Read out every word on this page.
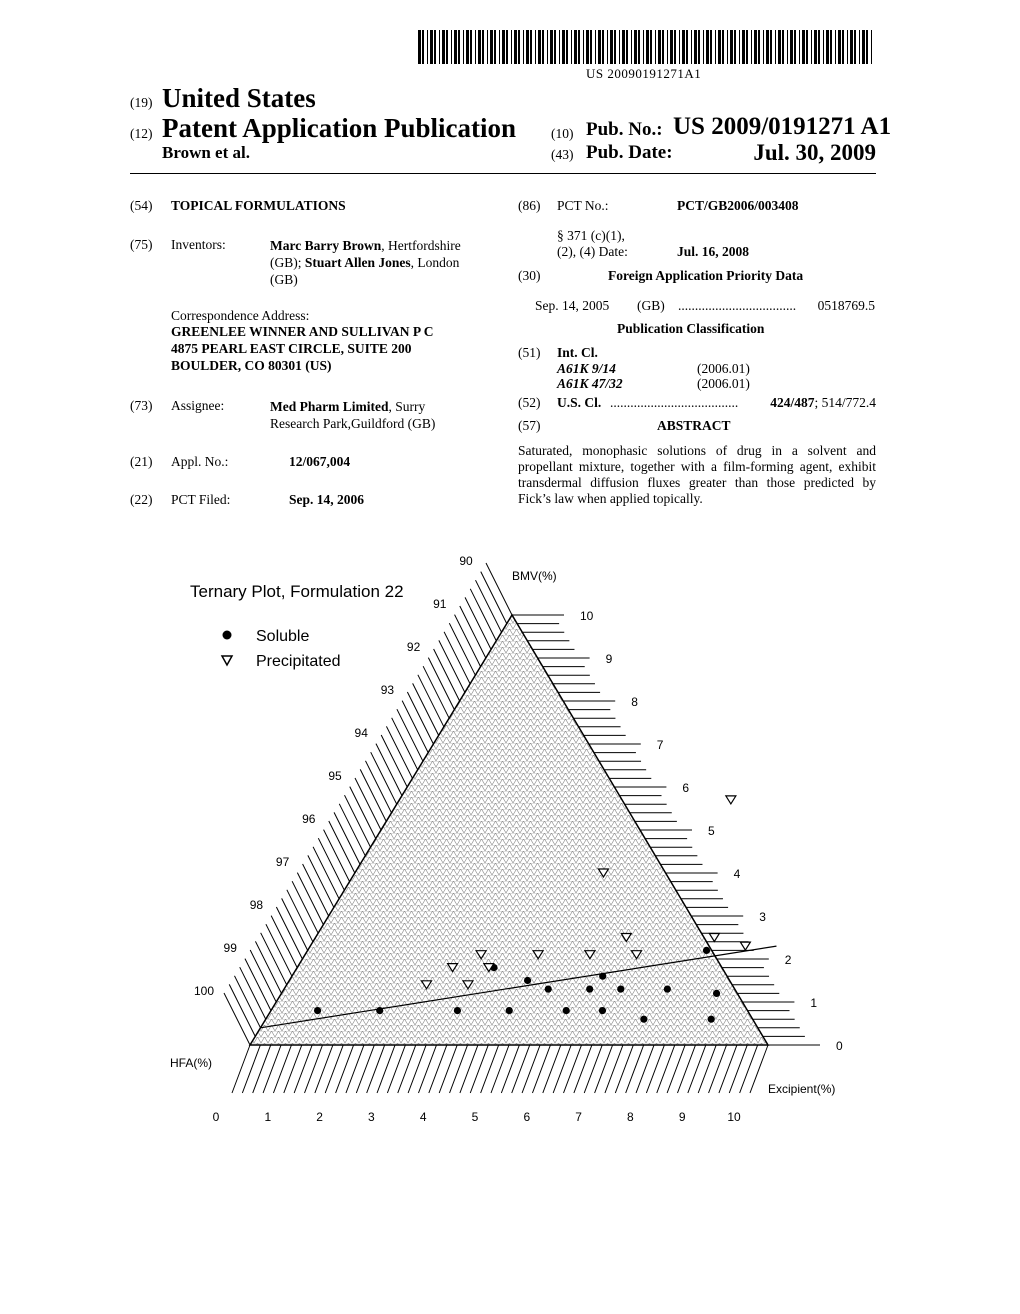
US 20090191271A1
(19) United States
(12) Patent Application Publication	(10) Pub. No.: US 2009/0191271 A1
Brown et al.	(43) Pub. Date:	Jul. 30, 2009
(54) TOPICAL FORMULATIONS
(75) Inventors:	Marc Barry Brown, Hertfordshire
(GB); Stuart Allen Jones, London
(GB)
Correspondence Address:
GREENLEE WINNER AND SULLIVAN P C
4875 PEARL EAST CIRCLE, SUITE 200
BOULDER, CO 80301 (US)
(73) Assignee:	Med Pharm Limited, Surry
Research Park,Guildford (GB)
(21) Appl. No.:	12/067,004
(22) PCT Filed:	Sep. 14, 2006
(86) PCT No.:	PCT/GB2006/003408
§ 371 (c)(1),
(2), (4) Date:	Jul. 16, 2008
(30)	Foreign Application Priority Data
Sep. 14, 2005 (GB) ................................... 0518769.5
Publication Classification
(51) Int. Cl.
A61K 9/14	(2006.01)
A61K 47/32	(2006.01)
(52) U.S. Cl. ...................................... 424/487; 514/772.4
(57)	ABSTRACT
Saturated, monophasic solutions of drug in a solvent and propellant mixture, together with a film-forming agent, exhibit transdermal diffusion fluxes greater than those predicted by Fick’s law when applied topically.
90
91
92
93
94
95
96
97
98
99
100
10
9
8
7
6
5
4
3
2
1
0
0	1	2	3	4	5	6	7	8	9	10
Ternary Plot, Formulation 22
Soluble
Precipitated
BMV(%)
HFA(%)
Excipient(%)
